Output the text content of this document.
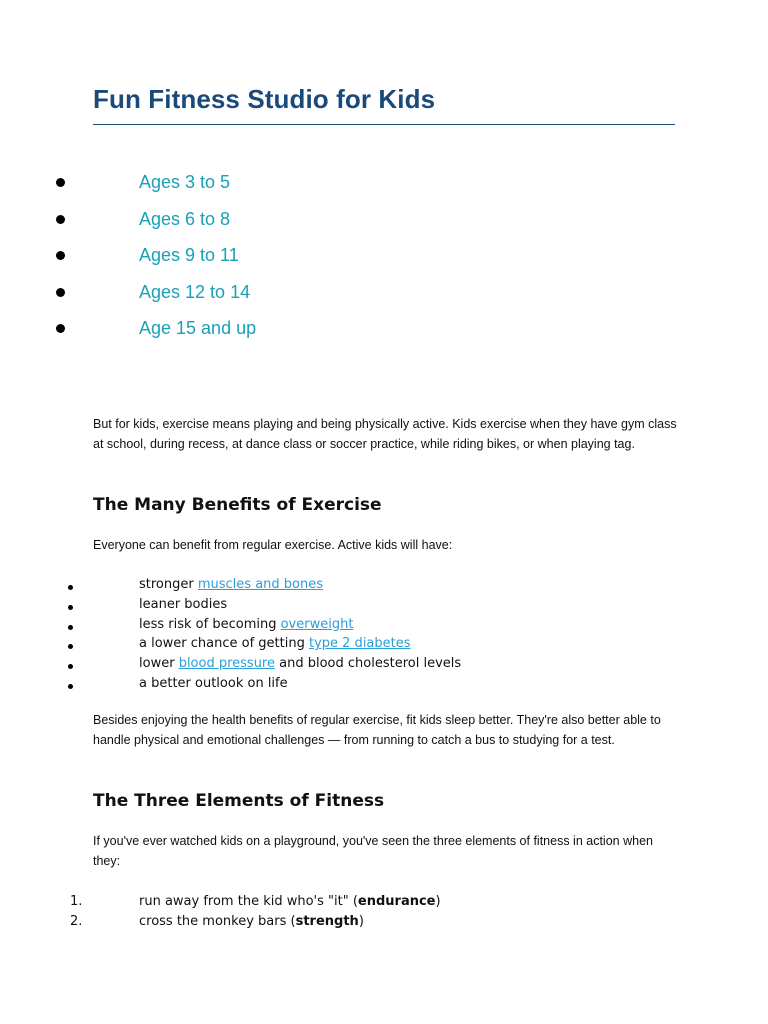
Fun Fitness Studio for Kids
Ages 3 to 5
Ages 6 to 8
Ages 9 to 11
Ages 12 to 14
Age 15 and up

But for kids, exercise means playing and being physically active. Kids exercise when they have gym class at school, during recess, at dance class or soccer practice, while riding bikes, or when playing tag.

The Many Benefits of Exercise

Everyone can benefit from regular exercise. Active kids will have:

stronger muscles and bones
leaner bodies
less risk of becoming overweight
a lower chance of getting type 2 diabetes
lower blood pressure and blood cholesterol levels
a better outlook on life

Besides enjoying the health benefits of regular exercise, fit kids sleep better. They're also better able to handle physical and emotional challenges — from running to catch a bus to studying for a test.

The Three Elements of Fitness

If you've ever watched kids on a playground, you've seen the three elements of fitness in action when they:

1.	run away from the kid who's "it" (endurance)
2.	cross the monkey bars (strength)
